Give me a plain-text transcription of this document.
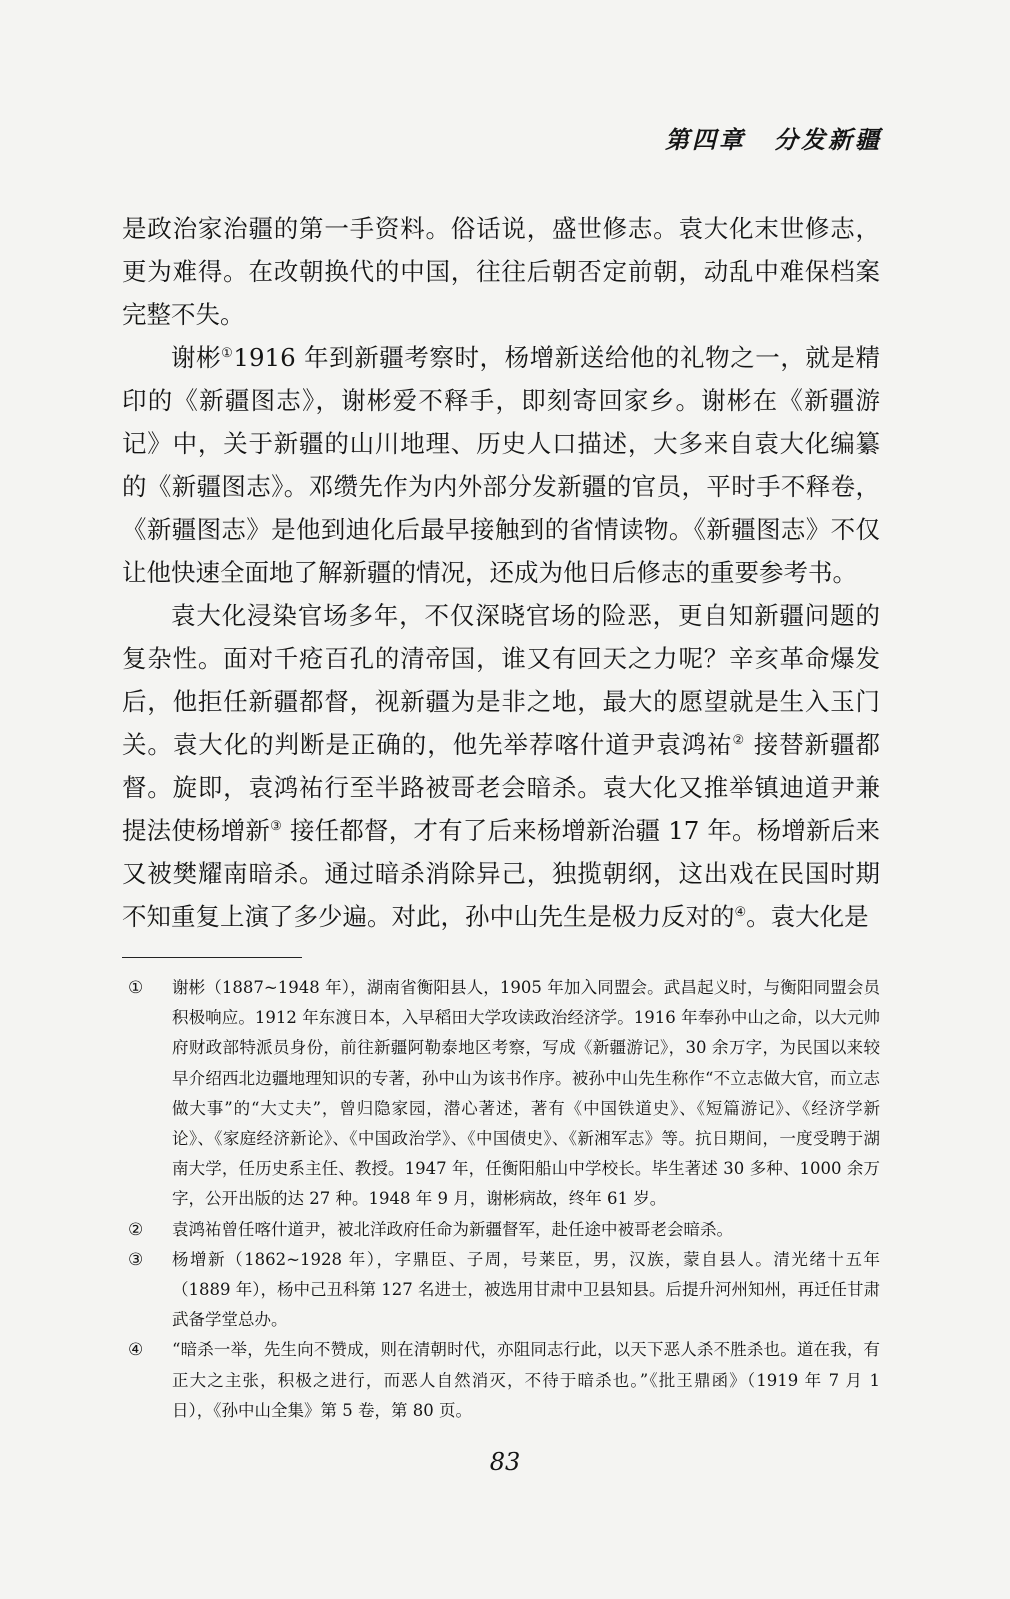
第四章 分发新疆

是政治家治疆的第一手资料。俗话说，盛世修志。袁大化末世修志，更为难得。在改朝换代的中国，往往后朝否定前朝，动乱中难保档案完整不失。

谢彬①1916 年到新疆考察时，杨增新送给他的礼物之一，就是精印的《新疆图志》，谢彬爱不释手，即刻寄回家乡。谢彬在《新疆游记》中，关于新疆的山川地理、历史人口描述，大多来自袁大化编纂的《新疆图志》。邓缵先作为内外部分发新疆的官员，平时手不释卷，《新疆图志》是他到迪化后最早接触到的省情读物。《新疆图志》不仅让他快速全面地了解新疆的情况，还成为他日后修志的重要参考书。

袁大化浸染官场多年，不仅深晓官场的险恶，更自知新疆问题的复杂性。面对千疮百孔的清帝国，谁又有回天之力呢？辛亥革命爆发后，他拒任新疆都督，视新疆为是非之地，最大的愿望就是生入玉门关。袁大化的判断是正确的，他先举荐喀什道尹袁鸿祐② 接替新疆都督。旋即，袁鸿祐行至半路被哥老会暗杀。袁大化又推举镇迪道尹兼提法使杨增新③ 接任都督，才有了后来杨增新治疆 17 年。杨增新后来又被樊耀南暗杀。通过暗杀消除异己，独揽朝纲，这出戏在民国时期不知重复上演了多少遍。对此，孙中山先生是极力反对的④。袁大化是

① 谢彬（1887~1948 年），湖南省衡阳县人，1905 年加入同盟会。武昌起义时，与衡阳同盟会员积极响应。1912 年东渡日本，入早稻田大学攻读政治经济学。1916 年奉孙中山之命，以大元帅府财政部特派员身份，前往新疆阿勒泰地区考察，写成《新疆游记》，30 余万字，为民国以来较早介绍西北边疆地理知识的专著，孙中山为该书作序。被孙中山先生称作“不立志做大官，而立志做大事”的“大丈夫”，曾归隐家园，潜心著述，著有《中国铁道史》、《短篇游记》、《经济学新论》、《家庭经济新论》、《中国政治学》、《中国债史》、《新湘军志》等。抗日期间，一度受聘于湖南大学，任历史系主任、教授。1947 年，任衡阳船山中学校长。毕生著述 30 多种、1000 余万字，公开出版的达 27 种。1948 年 9 月，谢彬病故，终年 61 岁。

② 袁鸿祐曾任喀什道尹，被北洋政府任命为新疆督军，赴任途中被哥老会暗杀。

③ 杨增新（1862~1928 年），字鼎臣、子周，号莱臣，男，汉族，蒙自县人。清光绪十五年（1889 年），杨中己丑科第 127 名进士，被选用甘肃中卫县知县。后提升河州知州，再迁任甘肃武备学堂总办。

④ “暗杀一举，先生向不赞成，则在清朝时代，亦阻同志行此，以天下恶人杀不胜杀也。道在我，有正大之主张，积极之进行，而恶人自然消灭，不待于暗杀也。”《批王鼎函》（1919 年 7 月 1 日），《孙中山全集》第 5 卷，第 80 页。

83
